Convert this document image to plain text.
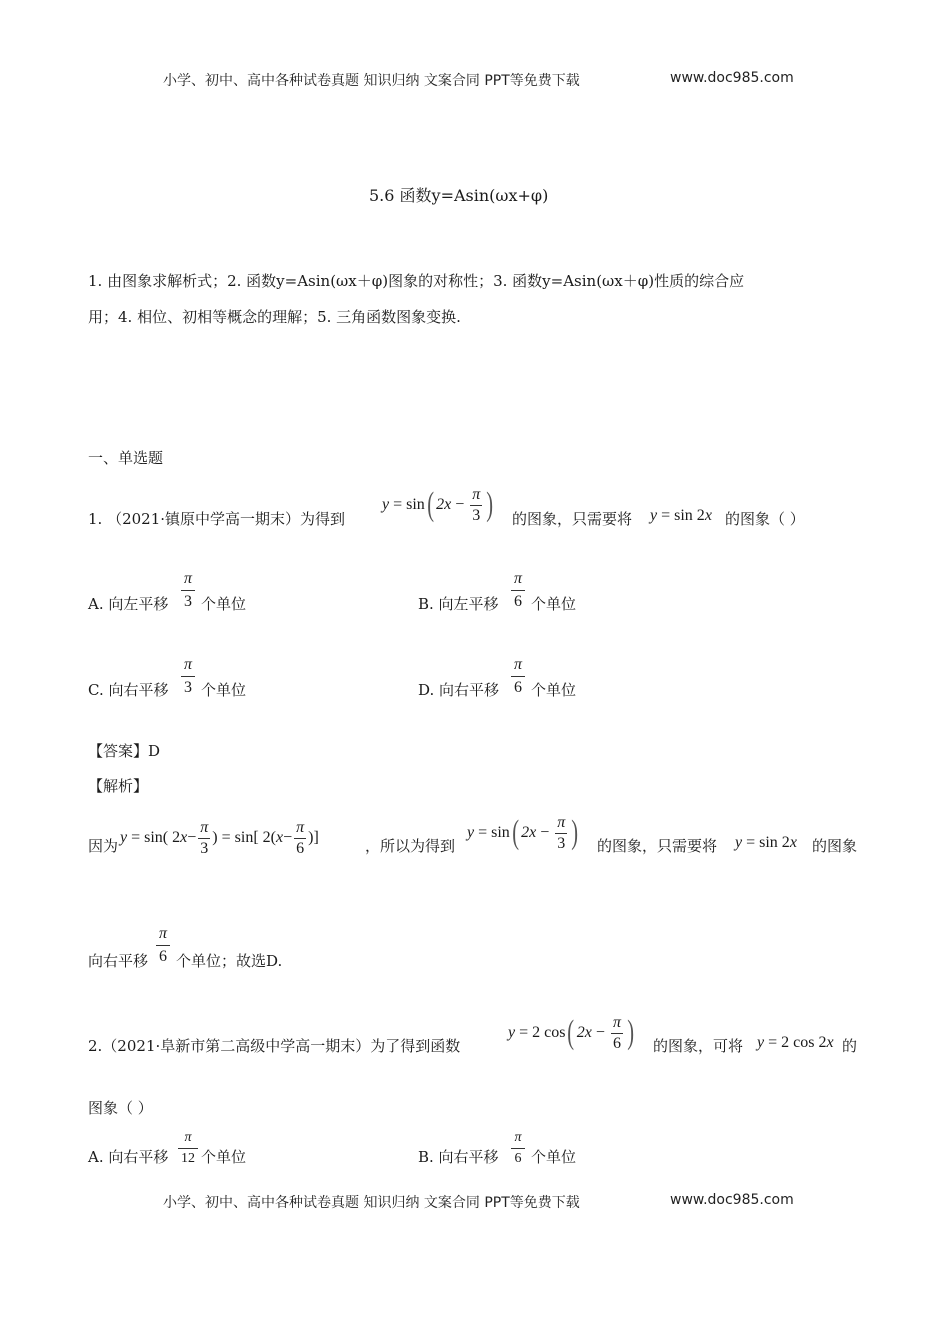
小学、初中、高中各种试卷真题 知识归纳 文案合同 PPT等免费下载	www.doc985.com
5.6 函数y=Asin(ωx+φ)
1. 由图象求解析式；2. 函数y=Asin(ωx＋φ)图象的对称性；3. 函数y=Asin(ωx＋φ)性质的综合应
用；4. 相位、初相等概念的理解；5. 三角函数图象变换.
一、单选题
1. （2021·镇原中学高一期末）为得到
y = sin ( $2x - \frac{\pi}{3}$ ) 的图象，只需要将 y = sin 2 x 的图象（ ）
A. 向左平移 $\frac{\pi}{3}$ 个单位	B. 向左平移 $\frac{\pi}{6}$ 个单位
C. 向右平移 $\frac{\pi}{3}$ 个单位	D. 向右平移 $\frac{\pi}{6}$ 个单位
【答案】D
【解析】
因为 y = sin( 2 $x - \frac{\pi}{3}$ ) = sin[ 2( $x - \frac{\pi}{6}$ )]	，所以为得到
y = sin ( $2x - \frac{\pi}{3}$ ) 的图象，只需要将 y = sin 2 x 的图象
向右平移 $\frac{\pi}{6}$ 个单位；故选D.
2.（2021·阜新市第二高级中学高一期末）为了得到函数
y = 2 cos ( $2x - \frac{\pi}{6}$ ) 的图象，可将 y = 2 cos 2 x 的
图象（ ）
A. 向右平移 $\frac{\pi}{12}$ 个单位	B. 向右平移 $\frac{\pi}{6}$ 个单位
小学、初中、高中各种试卷真题 知识归纳 文案合同 PPT等免费下载	www.doc985.com
